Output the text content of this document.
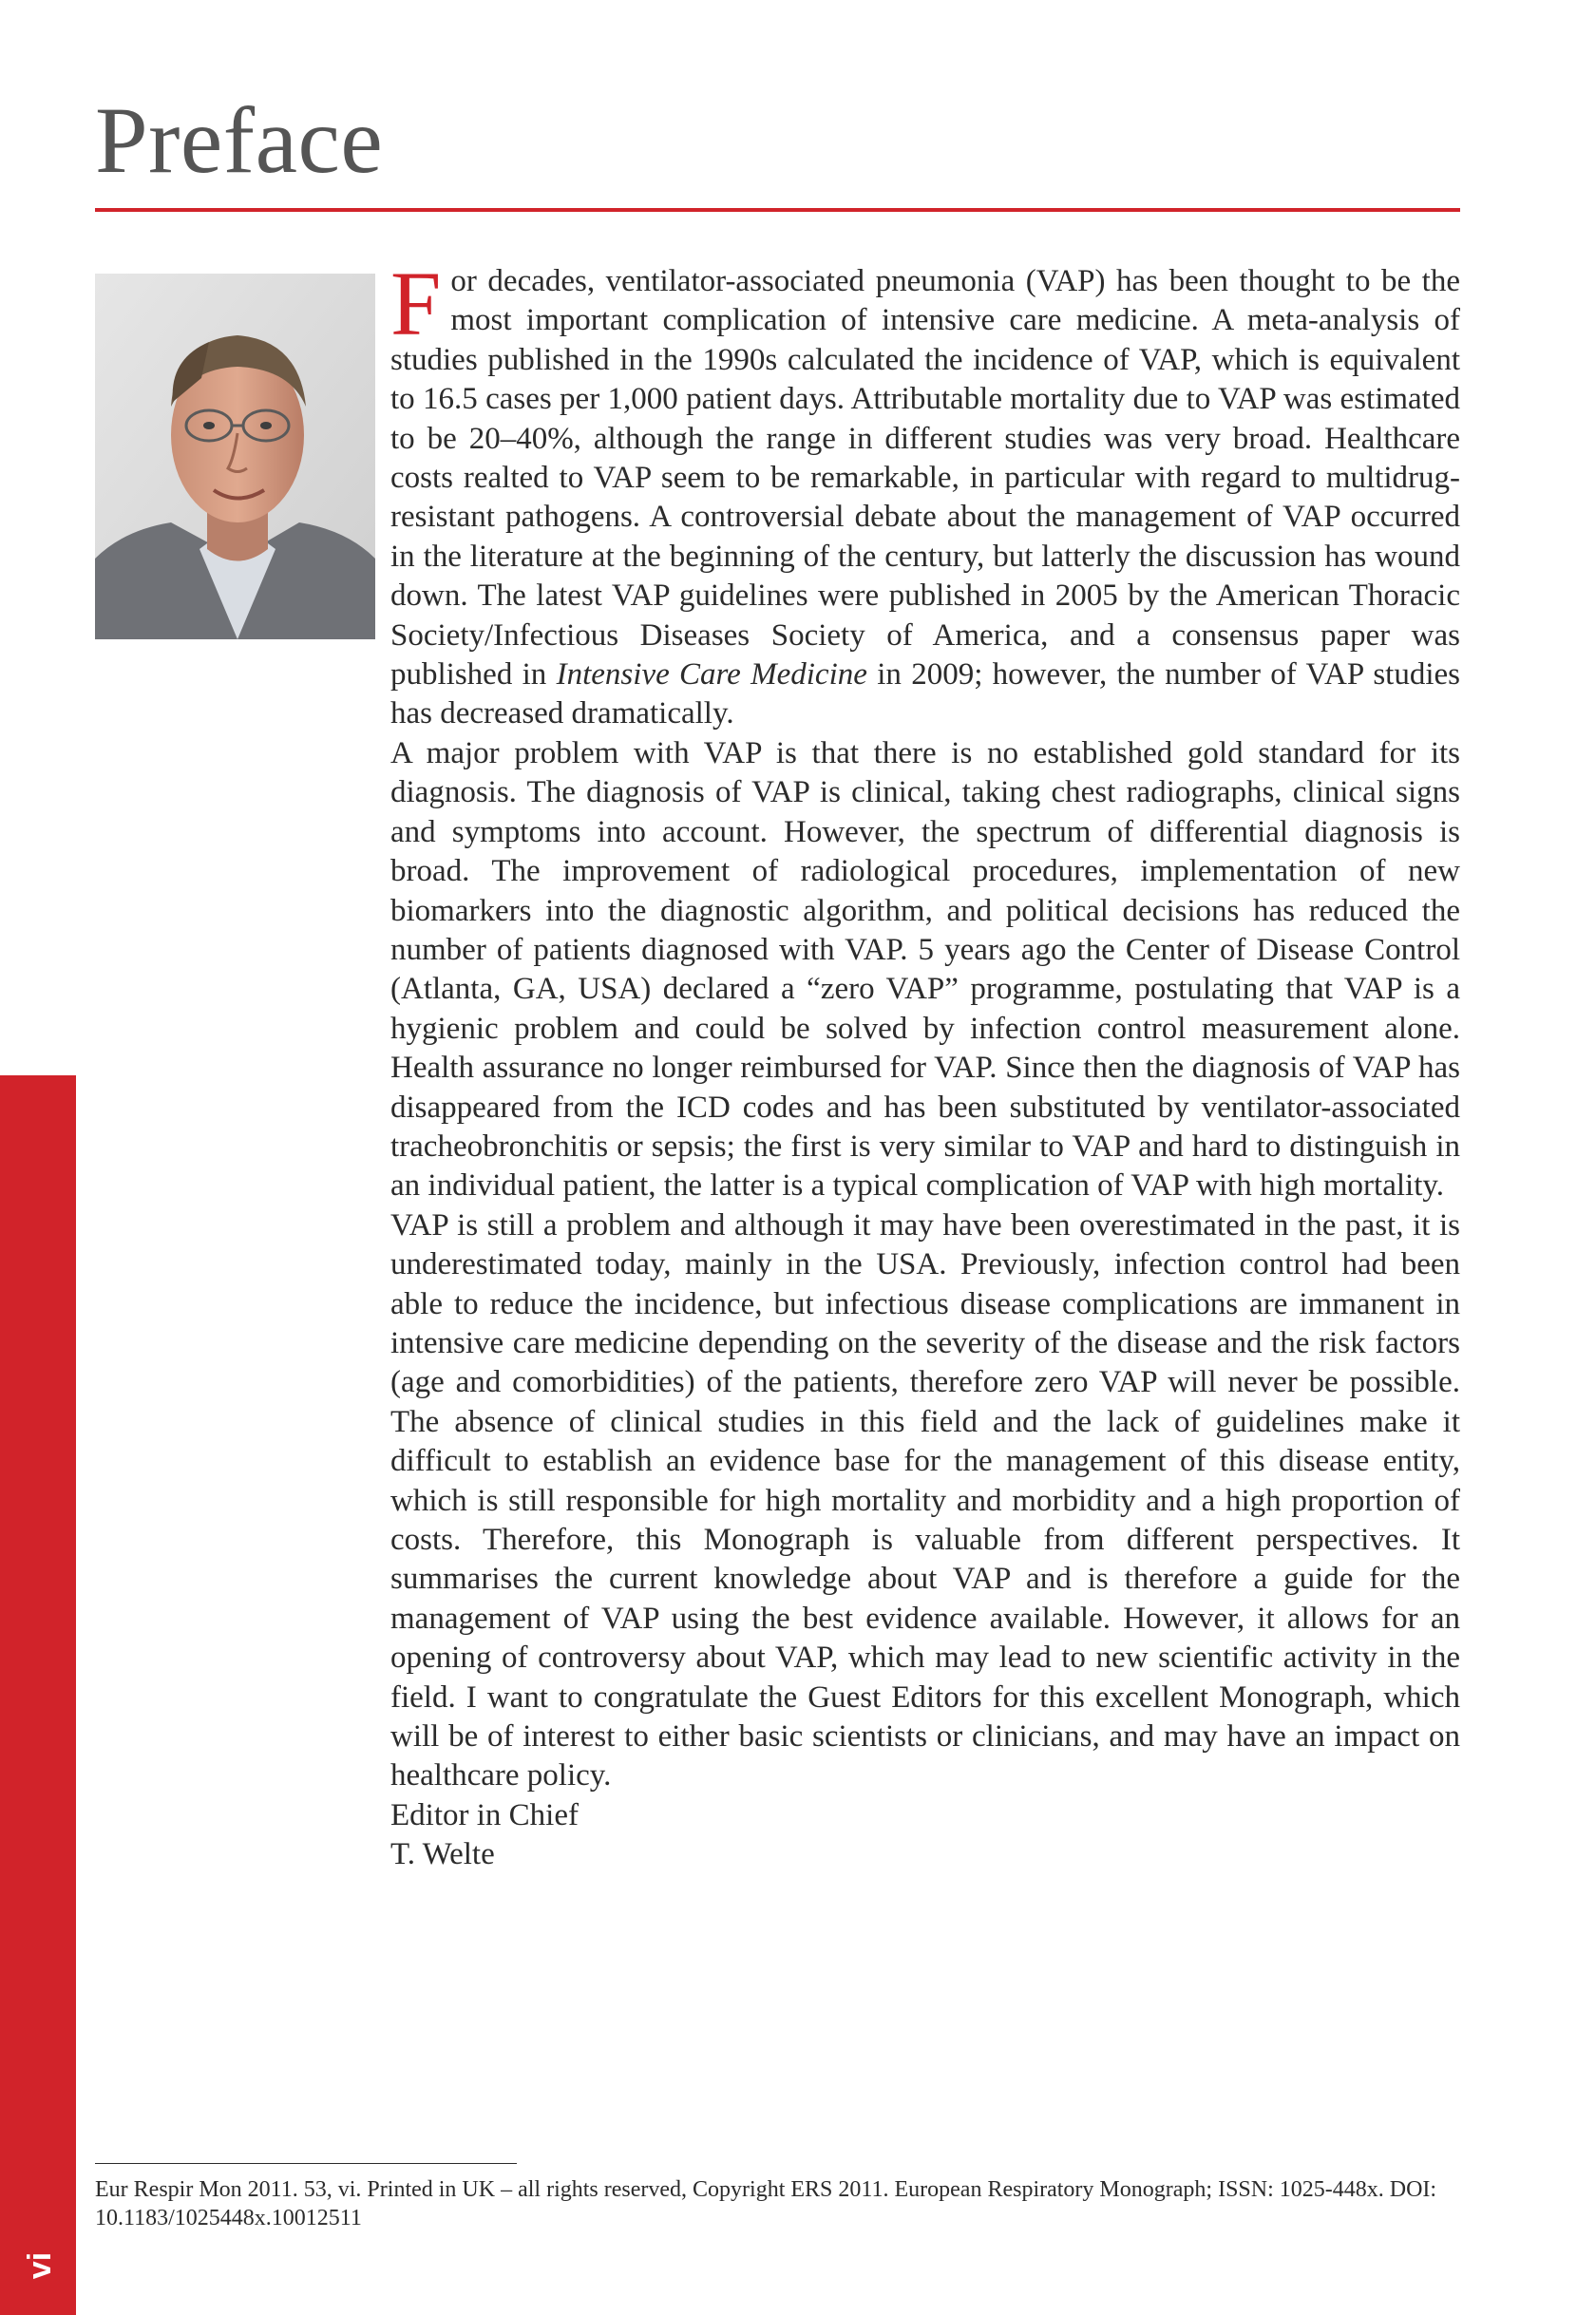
Preface

For decades, ventilator-associated pneumonia (VAP) has been thought to be the most important complication of intensive care medicine. A meta-analysis of studies published in the 1990s calculated the incidence of VAP, which is equivalent to 16.5 cases per 1,000 patient days. Attributable mortality due to VAP was estimated to be 20–40%, although the range in different studies was very broad. Healthcare costs realted to VAP seem to be remarkable, in particular with regard to multidrug-resistant pathogens. A controversial debate about the management of VAP occurred in the literature at the beginning of the century, but latterly the discussion has wound down. The latest VAP guidelines were published in 2005 by the American Thoracic Society/Infectious Diseases Society of America, and a consensus paper was published in Intensive Care Medicine in 2009; however, the number of VAP studies has decreased dramatically.

A major problem with VAP is that there is no established gold standard for its diagnosis. The diagnosis of VAP is clinical, taking chest radiographs, clinical signs and symptoms into account. However, the spectrum of differential diagnosis is broad. The improvement of radiological procedures, implementation of new biomarkers into the diagnostic algorithm, and political decisions has reduced the number of patients diagnosed with VAP. 5 years ago the Center of Disease Control (Atlanta, GA, USA) declared a “zero VAP” programme, postulating that VAP is a hygienic problem and could be solved by infection control measurement alone. Health assurance no longer reimbursed for VAP. Since then the diagnosis of VAP has disappeared from the ICD codes and has been substituted by ventilator-associated tracheobronchitis or sepsis; the first is very similar to VAP and hard to distinguish in an individual patient, the latter is a typical complication of VAP with high mortality.

VAP is still a problem and although it may have been overestimated in the past, it is underestimated today, mainly in the USA. Previously, infection control had been able to reduce the incidence, but infectious disease complications are immanent in intensive care medicine depending on the severity of the disease and the risk factors (age and comorbidities) of the patients, therefore zero VAP will never be possible. The absence of clinical studies in this field and the lack of guidelines make it difficult to establish an evidence base for the management of this disease entity, which is still responsible for high mortality and morbidity and a high proportion of costs. Therefore, this Monograph is valuable from different perspectives. It summarises the current knowledge about VAP and is therefore a guide for the management of VAP using the best evidence available. However, it allows for an opening of controversy about VAP, which may lead to new scientific activity in the field. I want to congratulate the Guest Editors for this excellent Monograph, which will be of interest to either basic scientists or clinicians, and may have an impact on healthcare policy.

Editor in Chief
T. Welte
Eur Respir Mon 2011. 53, vi. Printed in UK – all rights reserved, Copyright ERS 2011. European Respiratory Monograph; ISSN: 1025-448x. DOI: 10.1183/1025448x.10012511
vi
